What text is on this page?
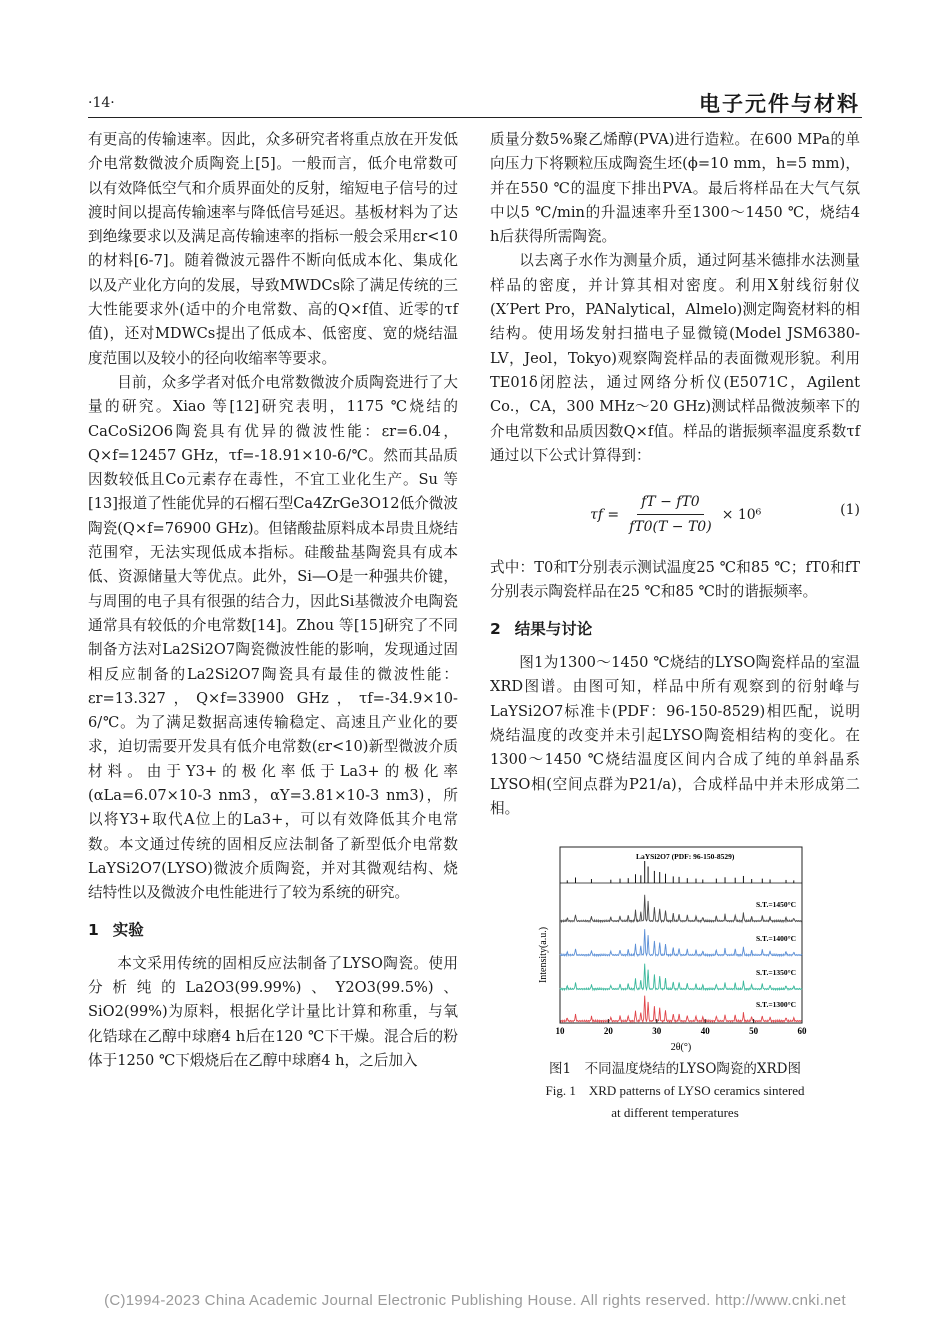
·14·	电子元件与材料

有更高的传输速率。因此，众多研究者将重点放在开发低介电常数微波介质陶瓷上[5]。一般而言，低介电常数可以有效降低空气和介质界面处的反射，缩短电子信号的过渡时间以提高传输速率与降低信号延迟。基板材料为了达到绝缘要求以及满足高传输速率的指标一般会采用εr<10的材料[6-7]。随着微波元器件不断向低成本化、集成化以及产业化方向的发展，导致MWDCs除了满足传统的三大性能要求外(适中的介电常数、高的Q×f值、近零的τf值)，还对MDWCs提出了低成本、低密度、宽的烧结温度范围以及较小的径向收缩率等要求。

目前，众多学者对低介电常数微波介质陶瓷进行了大量的研究。Xiao 等[12]研究表明，1175 ℃烧结的CaCoSi2O6陶瓷具有优异的微波性能：εr=6.04，Q×f=12457 GHz，τf=-18.91×10-6/℃。然而其品质因数较低且Co元素存在毒性，不宜工业化生产。Su 等[13]报道了性能优异的石榴石型Ca4ZrGe3O12低介微波陶瓷(Q×f=76900 GHz)。但锗酸盐原料成本昂贵且烧结范围窄，无法实现低成本指标。硅酸盐基陶瓷具有成本低、资源储量大等优点。此外，Si—O是一种强共价键，与周围的电子具有很强的结合力，因此Si基微波介电陶瓷通常具有较低的介电常数[14]。Zhou 等[15]研究了不同制备方法对La2Si2O7陶瓷微波性能的影响，发现通过固相反应制备的La2Si2O7陶瓷具有最佳的微波性能：εr=13.327，Q×f=33900 GHz，τf=-34.9×10-6/℃。为了满足数据高速传输稳定、高速且产业化的要求，迫切需要开发具有低介电常数(εr<10)新型微波介质材料。由于Y3+的极化率低于La3+的极化率(αLa=6.07×10-3 nm3，αY=3.81×10-3 nm3)，所以将Y3+取代A位上的La3+，可以有效降低其介电常数。本文通过传统的固相反应法制备了新型低介电常数LaYSi2O7(LYSO)微波介质陶瓷，并对其微观结构、烧结特性以及微波介电性能进行了较为系统的研究。

1 实验

本文采用传统的固相反应法制备了LYSO陶瓷。使用分析纯的La2O3(99.99%)、Y2O3(99.5%)、SiO2(99%)为原料，根据化学计量比计算和称重，与氧化锆球在乙醇中球磨4 h后在120 ℃下干燥。混合后的粉体于1250 ℃下煅烧后在乙醇中球磨4 h，之后加入

质量分数5%聚乙烯醇(PVA)进行造粒。在600 MPa的单向压力下将颗粒压成陶瓷生坯(ϕ=10 mm，h=5 mm)，并在550 ℃的温度下排出PVA。最后将样品在大气气氛中以5 ℃/min的升温速率升至1300～1450 ℃，烧结4 h后获得所需陶瓷。

以去离子水作为测量介质，通过阿基米德排水法测量样品的密度，并计算其相对密度。利用X射线衍射仪(X′Pert Pro，PANalytical，Almelo)测定陶瓷材料的相结构。使用场发射扫描电子显微镜(Model JSM6380-LV，Jeol，Tokyo)观察陶瓷样品的表面微观形貌。利用TE01δ闭腔法，通过网络分析仪(E5071C，Agilent Co.，CA，300 MHz～20 GHz)测试样品微波频率下的介电常数和品质因数Q×f值。样品的谐振频率温度系数τf通过以下公式计算得到：

$\tau f = \frac{fT - fT0}{fT0(T - T0)} \times 10^6$	(1)

式中：T0和T分别表示测试温度25 ℃和85 ℃；fT0和fT分别表示陶瓷样品在25 ℃和85 ℃时的谐振频率。

2 结果与讨论

图1为1300～1450 ℃烧结的LYSO陶瓷样品的室温XRD图谱。由图可知，样品中所有观察到的衍射峰与LaYSi2O7标准卡(PDF：96-150-8529)相匹配，说明烧结温度的改变并未引起LYSO陶瓷相结构的变化。在1300～1450 ℃烧结温度区间内合成了纯的单斜晶系LYSO相(空间点群为P21/a)，合成样品中并未形成第二相。

LaYSi2O7 (PDF: 96-150-8529)
S.T.=1450°C
S.T.=1400°C
S.T.=1350°C
S.T.=1300°C
10	20	30	40	50	60
2θ(°)
Intensity(a.u.)
图1　不同温度烧结的LYSO陶瓷的XRD图
Fig. 1　XRD patterns of LYSO ceramics sintered
at different temperatures
(C)1994-2023 China Academic Journal Electronic Publishing House. All rights reserved. http://www.cnki.net
